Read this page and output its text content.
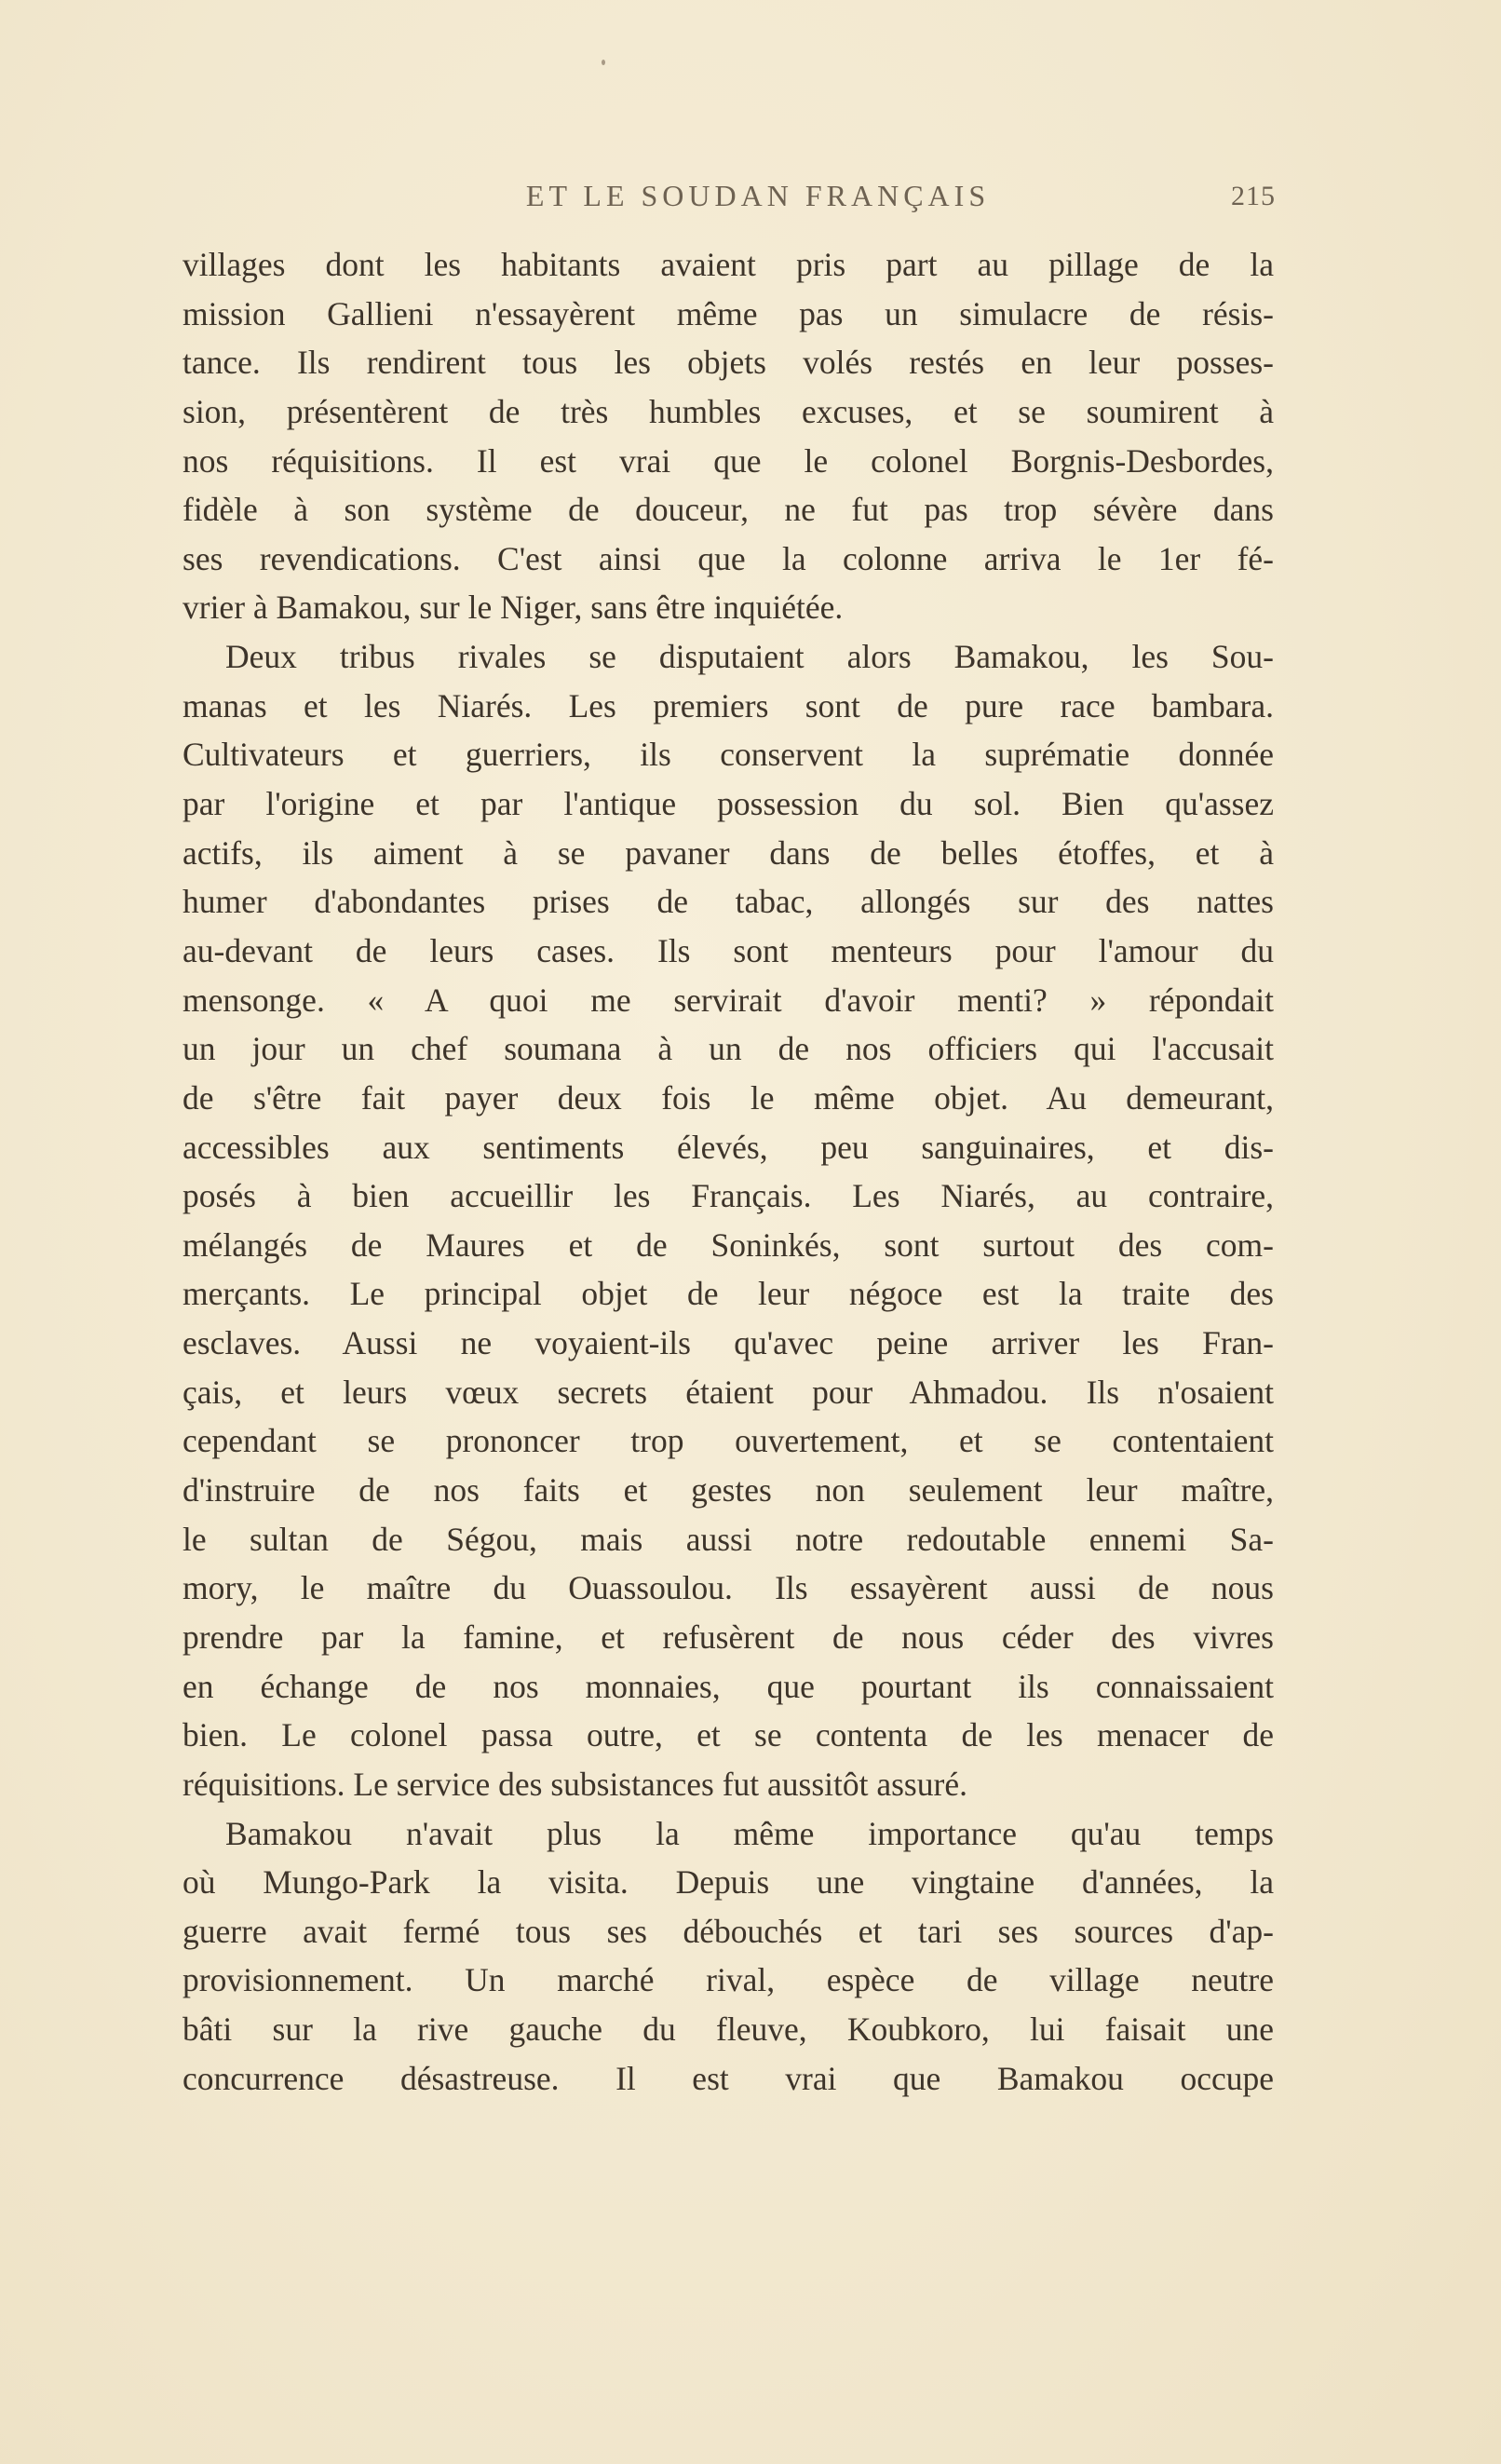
ET LE SOUDAN FRANÇAIS	215
villages dont les habitants avaient pris part au pillage de la
mission Gallieni n'essayèrent même pas un simulacre de résis-
tance. Ils rendirent tous les objets volés restés en leur posses-
sion, présentèrent de très humbles excuses, et se soumirent à
nos réquisitions. Il est vrai que le colonel Borgnis-Desbordes,
fidèle à son système de douceur, ne fut pas trop sévère dans
ses revendications. C'est ainsi que la colonne arriva le 1er fé-
vrier à Bamakou, sur le Niger, sans être inquiétée.
Deux tribus rivales se disputaient alors Bamakou, les Sou-
manas et les Niarés. Les premiers sont de pure race bambara.
Cultivateurs et guerriers, ils conservent la suprématie donnée
par l'origine et par l'antique possession du sol. Bien qu'assez
actifs, ils aiment à se pavaner dans de belles étoffes, et à
humer d'abondantes prises de tabac, allongés sur des nattes
au-devant de leurs cases. Ils sont menteurs pour l'amour du
mensonge. « A quoi me servirait d'avoir menti? » répondait
un jour un chef soumana à un de nos officiers qui l'accusait
de s'être fait payer deux fois le même objet. Au demeurant,
accessibles aux sentiments élevés, peu sanguinaires, et dis-
posés à bien accueillir les Français. Les Niarés, au contraire,
mélangés de Maures et de Soninkés, sont surtout des com-
merçants. Le principal objet de leur négoce est la traite des
esclaves. Aussi ne voyaient-ils qu'avec peine arriver les Fran-
çais, et leurs vœux secrets étaient pour Ahmadou. Ils n'osaient
cependant se prononcer trop ouvertement, et se contentaient
d'instruire de nos faits et gestes non seulement leur maître,
le sultan de Ségou, mais aussi notre redoutable ennemi Sa-
mory, le maître du Ouassoulou. Ils essayèrent aussi de nous
prendre par la famine, et refusèrent de nous céder des vivres
en échange de nos monnaies, que pourtant ils connaissaient
bien. Le colonel passa outre, et se contenta de les menacer de
réquisitions. Le service des subsistances fut aussitôt assuré.
Bamakou n'avait plus la même importance qu'au temps
où Mungo-Park la visita. Depuis une vingtaine d'années, la
guerre avait fermé tous ses débouchés et tari ses sources d'ap-
provisionnement. Un marché rival, espèce de village neutre
bâti sur la rive gauche du fleuve, Koubkoro, lui faisait une
concurrence désastreuse. Il est vrai que Bamakou occupe
